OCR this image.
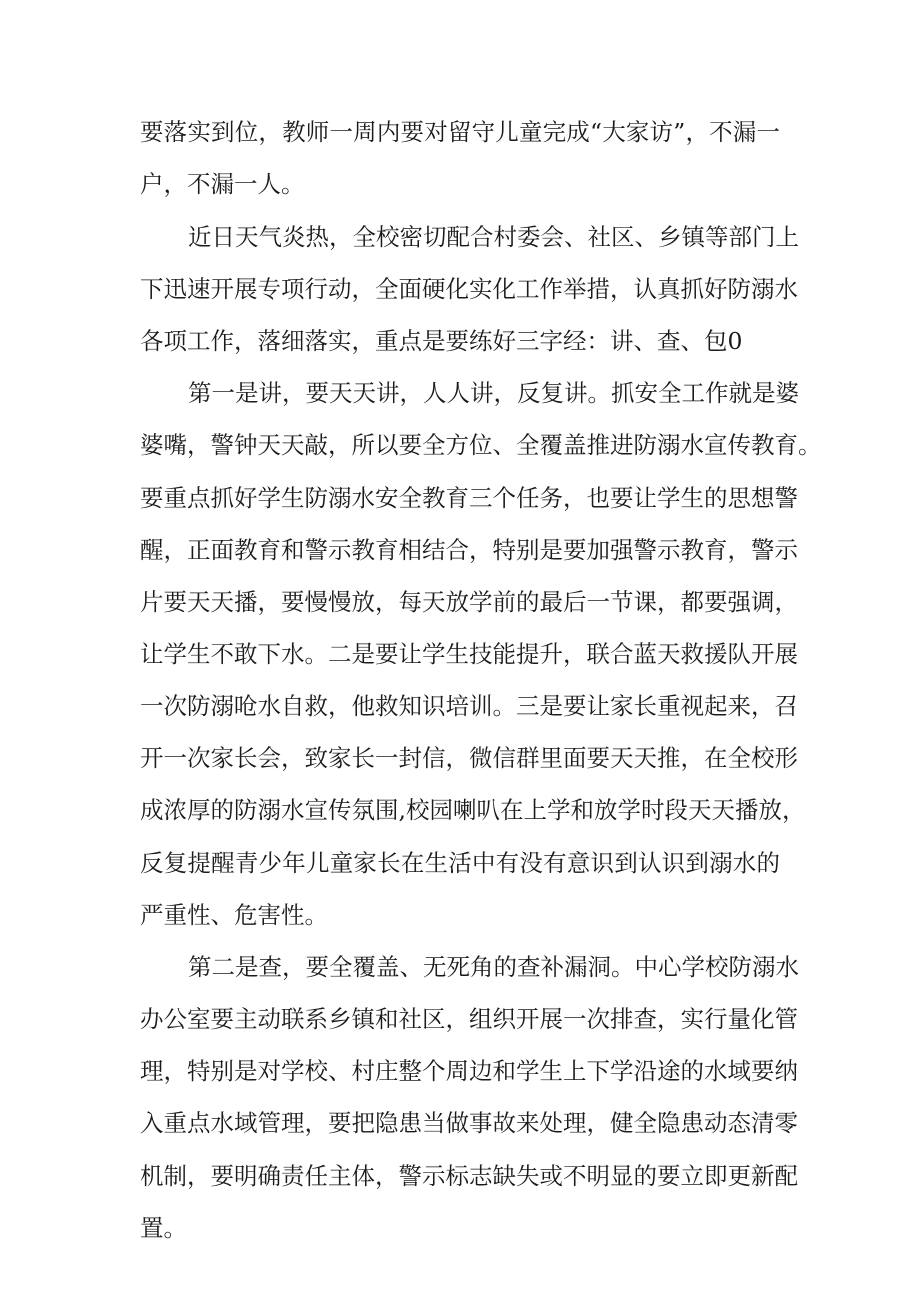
要落实到位，教师一周内要对留守儿童完成“大家访”，不漏一
户，不漏一人。
近日天气炎热，全校密切配合村委会、社区、乡镇等部门上
下迅速开展专项行动，全面硬化实化工作举措，认真抓好防溺水
各项工作，落细落实，重点是要练好三字经：讲、查、包0
第一是讲，要天天讲，人人讲，反复讲。抓安全工作就是婆
婆嘴，警钟天天敲，所以要全方位、全覆盖推进防溺水宣传教育。
要重点抓好学生防溺水安全教育三个任务，也要让学生的思想警
醒，正面教育和警示教育相结合，特别是要加强警示教育，警示
片要天天播，要慢慢放，每天放学前的最后一节课，都要强调，
让学生不敢下水。二是要让学生技能提升，联合蓝天救援队开展
一次防溺呛水自救，他救知识培训。三是要让家长重视起来，召
开一次家长会，致家长一封信，微信群里面要天天推，在全校形
成浓厚的防溺水宣传氛围,校园喇叭在上学和放学时段天天播放，
反复提醒青少年儿童家长在生活中有没有意识到认识到溺水的
严重性、危害性。
第二是查，要全覆盖、无死角的查补漏洞。中心学校防溺水
办公室要主动联系乡镇和社区，组织开展一次排查，实行量化管
理，特别是对学校、村庄整个周边和学生上下学沿途的水域要纳
入重点水域管理，要把隐患当做事故来处理，健全隐患动态清零
机制，要明确责任主体，警示标志缺失或不明显的要立即更新配
置。
